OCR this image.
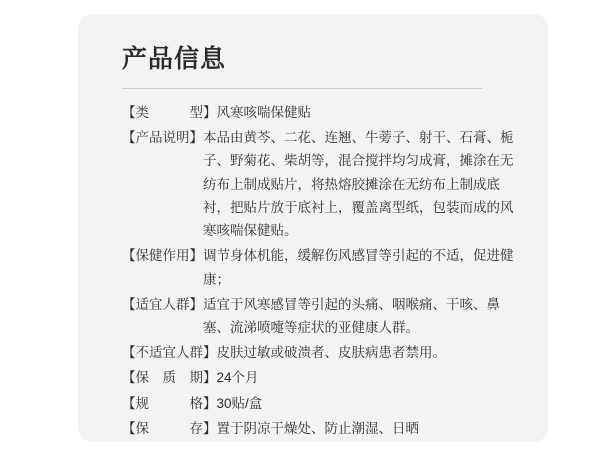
产品信息
【类　　　型】 风寒咳喘保健贴
【产品说明】 本品由黄芩、二花、连翘、牛蒡子、射干、石膏、栀子、野菊花、柴胡等，混合搅拌均匀成膏，摊涂在无纺布上制成贴片，将热熔胶摊涂在无纺布上制成底衬，把贴片放于底衬上，覆盖离型纸，包装而成的风寒咳喘保健贴。
【保健作用】 调节身体机能，缓解伤风感冒等引起的不适，促进健康；
【适宜人群】 适宜于风寒感冒等引起的头痛、咽喉痛、干咳、鼻塞、流涕喷嚏等症状的亚健康人群。
【不适宜人群】 皮肤过敏或破溃者、皮肤病患者禁用。
【保　质　期】 24个月
【规　　　格】 30贴/盒
【保　　　存】 置于阴凉干燥处、防止潮湿、日晒
